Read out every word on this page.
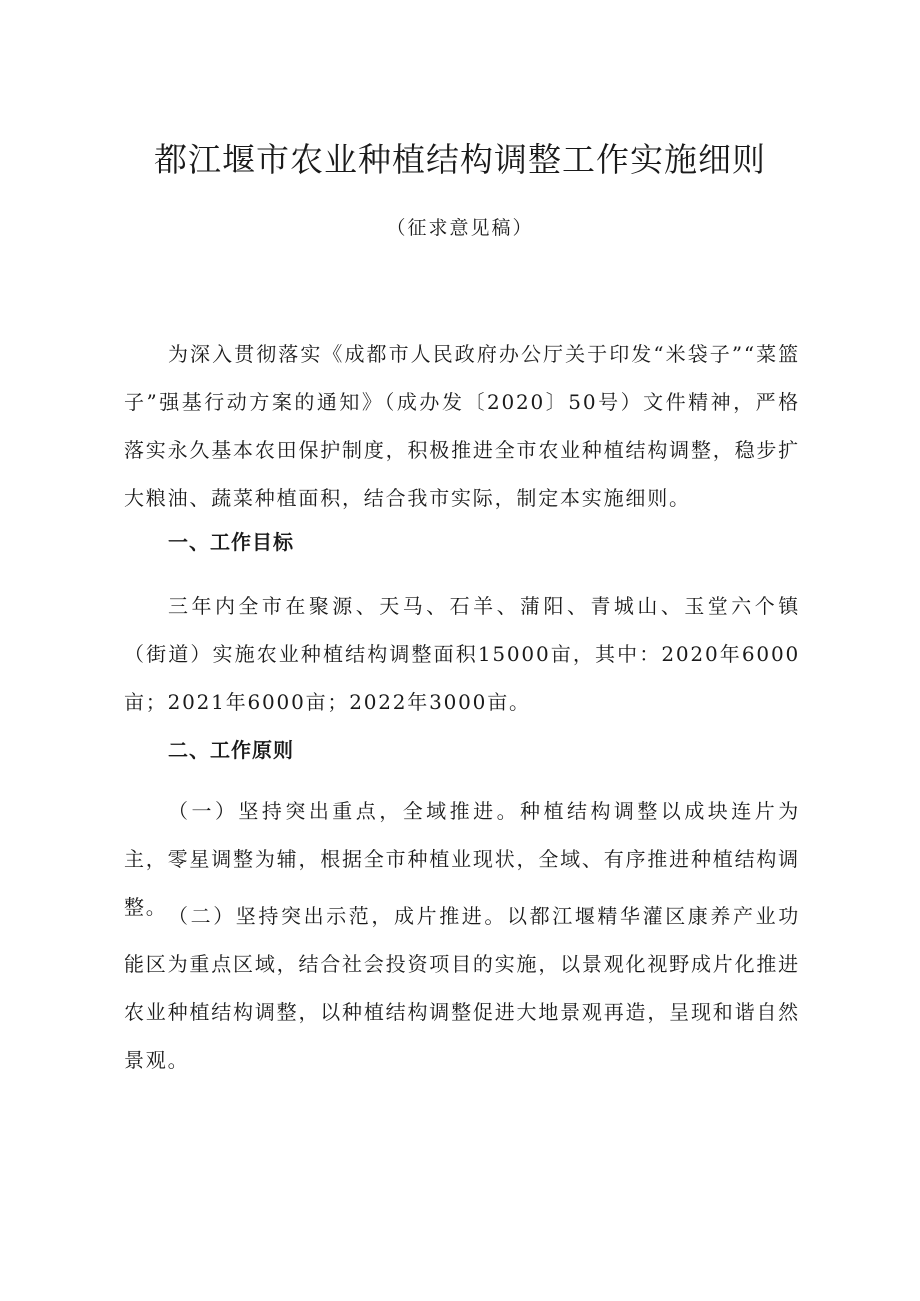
都江堰市农业种植结构调整工作实施细则
（征求意见稿）

为深入贯彻落实《成都市人民政府办公厅关于印发“米袋子”“菜篮子”强基行动方案的通知》（成办发〔2020〕50号）文件精神，严格落实永久基本农田保护制度，积极推进全市农业种植结构调整，稳步扩大粮油、蔬菜种植面积，结合我市实际，制定本实施细则。

一、工作目标

三年内全市在聚源、天马、石羊、蒲阳、青城山、玉堂六个镇（街道）实施农业种植结构调整面积15000亩，其中：2020年6000亩；2021年6000亩；2022年3000亩。

二、工作原则

（一）坚持突出重点，全域推进。种植结构调整以成块连片为主，零星调整为辅，根据全市种植业现状，全域、有序推进种植结构调整。 （二）坚持突出示范，成片推进。以都江堰精华灌区康养产业功能区为重点区域，结合社会投资项目的实施，以景观化视野成片化推进农业种植结构调整，以种植结构调整促进大地景观再造，呈现和谐自然景观。
